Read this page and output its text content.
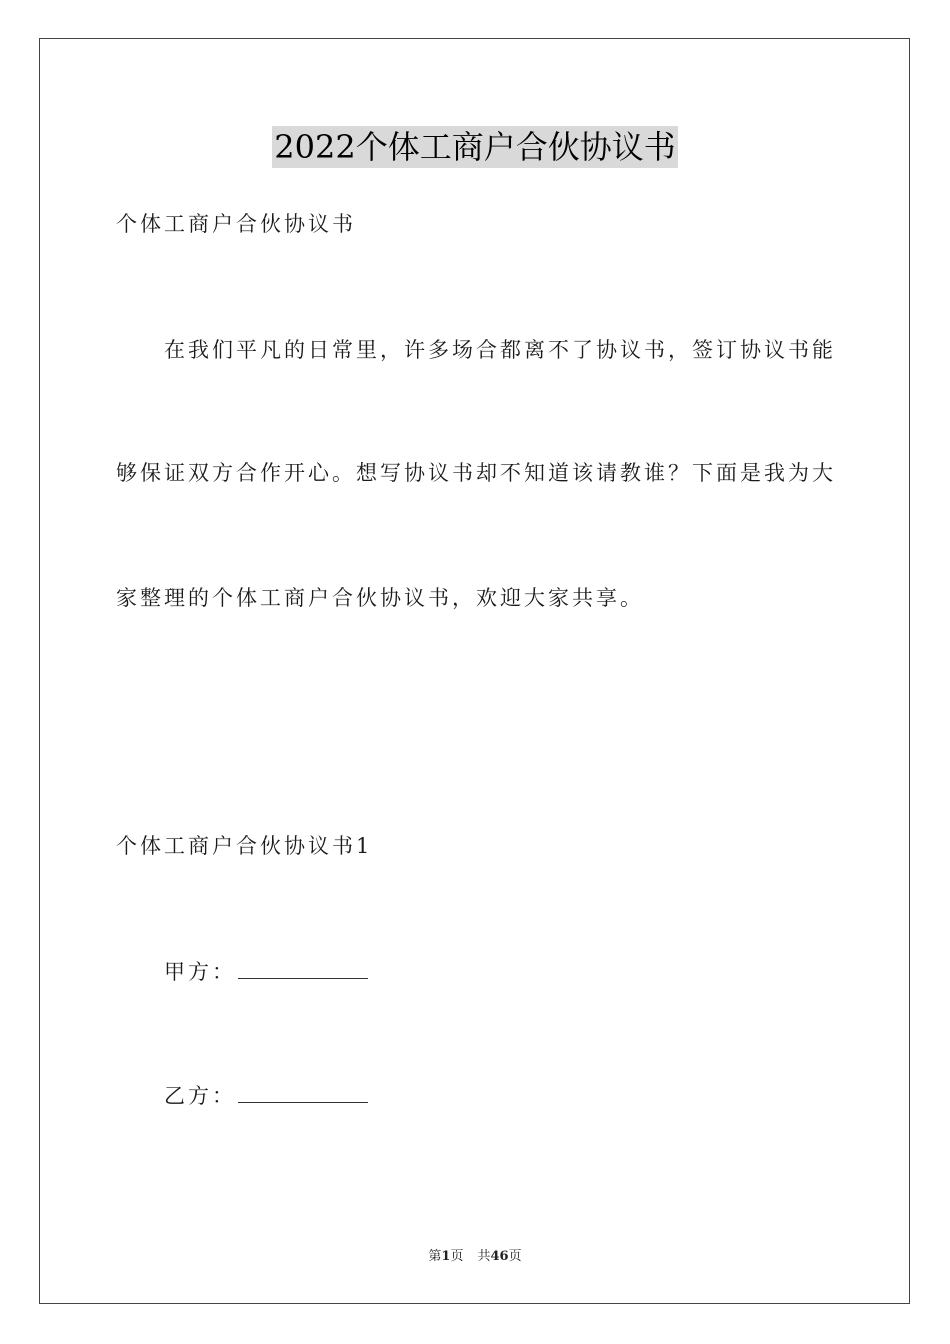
2022个体工商户合伙协议书
个体工商户合伙协议书
在我们平凡的日常里，许多场合都离不了协议书，签订协议书能
够保证双方合作开心。想写协议书却不知道该请教谁？下面是我为大
家整理的个体工商户合伙协议书，欢迎大家共享。
个体工商户合伙协议书1
甲方：
乙方：
第1页 共46页
